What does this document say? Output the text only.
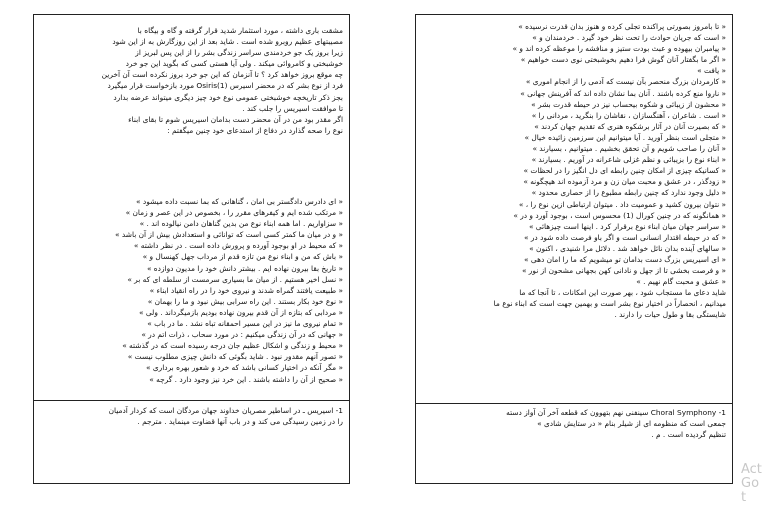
مشقت باری داشته ، مورد استثمار شدید قرار گرفته و گاه و بیگاه با
مصیبتهای عظیم روبرو شده است . شاید بعد از این روزگارش به از این شود
زیرا بروز یک جو خردمندی سراسر زندگی بشر را از این پس لبریز از
خوشبختی و کامروائی میکند . ولی آیا هستی کسی که بگوید این جو خرد
چه موقع بروز خواهد کرد ؟ تا آنزمان که این جو خرد بروز نکرده است آن آخرین
فرد از نوع بشر که در محضر اسیرس Osiris(1) مورد بازخواست قرار میگیرد
بجز ذکر تاریخچه خوشبختی عمومی نوع خود چیز دیگری میتواند عرضه بدارد
تا موافقت اسیریس را جلب کند .
اگر مقدر بود من در آن محضر دست بدامان اسیریس شوم تا بقای ابناء
نوع را صحه گذارد در دفاع از استدعای خود چنین میگفتم :
« ای دادرس دادگستر بی امان ، گناهانی که بما نسبت داده میشود »
« مرتکب شده ایم و کیفرهای مقرر را ، بخصوص در این عصر و زمان »
« سزاواریم . اما همه ابناء نوع من بدین گناهان دامن نیالوده اند . »
« و در میان ما کمتر کسی است که توانائی و استعدادش بیش از آن باشد »
« که محیط در او بوجود آورده و پرورش داده است . در نظر داشته »
« باش که من و ابناء نوع من تازه قدم از مرداب جهل کهنسال و »
« تاریخ بقا بیرون نهاده ایم . بیشتر دانش خود را مدیون دوازده »
« نسل اخیر هستیم . از میان ما بسیاری سرمست از سلطه ای که بر »
« طبیعت یافتند گمراه شدند و نیروی خود را در راه انقیاد ابناء »
« نوع خود بکار بستند . این راه سرابی بیش نبود و ما را بهمان »
« مردابی که بتازه از آن قدم بیرون نهاده بودیم بازمیگرداند . ولی »
« تمام نیروی ما نیز در این مسیر احمقانه تباه نشد . ما در باب »
« جهانی که در آن زندگی میکنیم : در مورد سحاب ، ذرات اتم در »
« محیط و زندگی و اشکال عظیم جان درجه رسیده است که در گذشته »
« تصور آنهم مقدور نبود . شاید بگوئی که دانش چیزی مطلوب نیست »
« مگر آنکه در اختیار کسانی باشد که خرد و شعور بهره برداری »
« صحیح از آن را داشته باشند . این خرد نیز وجود دارد . گرچه »
1- اسیریس ـ در اساطیر مصریان خداوند جهان مردگان است که کردار آدمیان
را در زمین رسیدگی می کند و در باب آنها قضاوت مینماید . مترجم .
« تا بامروز بصورتی پراکنده تجلی کرده و هنوز بدان قدرت نرسیده »
« است که جریان حوادث را تحت نظر خود گیرد . خردمندان و »
« پیامبران بیهوده و عبث بودت ستیز و منافشه را موعظه کرده اند و »
« اگر ما بگفتار آنان گوش فرا دهیم بخوشبختی نوی دست خواهیم »
« یافت »
« کارمردان بزرگ منحصر بآن نیست که آدمی را از انجام اموری »
« ناروا منع کرده باشند . آنان بما نشان داده اند که آفرینش جهانی »
« محشون از زیبائی و شکوه بیحساب نیز در حیطه قدرت بشر »
« است . شاعران ، آهنگسازان ، نقاشان را بنگرید ، مردانی را »
« که بصیرت آنان در آثار برشکوه هنری که تقدیم جهان کردند »
« متجلی است بنظر آورید . آیا میتوانیم این سرزمین زائیده خیال »
« آنان را صاحب شویم و آن تحقق بخشیم . میتوانیم ، بسیارند »
« ابناء نوع را بزیبائی و نظم غزلی شاعرانه در آوریم . بسیارند »
« کسانیکه چیزی از امکان چنین رابطه ای دل انگیز را در لحظات »
« زودگذر ، در عشق و محبت میان زن و مرد آزموده اند هیچگونه »
« دلیل وجود ندارد که چنین رابطه مطبوع را از حصاری محدود »
« نتوان بیرون کشید و عمومیت داد . میتوان ارتباطی ازین نوع را ، »
« همانگونه که در چنین کورال (1) محسوس است ، بوجود آورد و در »
« سراسر جهان میان ابناء نوع برقرار کرد . اینها است چیزهائی »
« که در حیطه اقتدار انسانی است و اگر باو فرصت داده شود در »
« سالهای آینده بدان نائل خواهد شد . دلائل مرا شنیدی ، اکنون »
« ای اسیریس بزرگ دست بدامان تو میشویم که ما را امان دهی »
« و فرصت بخشی تا از جهل و نادانی کهن بجهانی مشحون از نور »
« عشق و محبت گام نهیم . »
شاید دعای ما مستجاب شود ، بهر صورت این امکانات ، تا آنجا که ما
میدانیم ، انحصاراً در اختیار نوع بشر است و بهمین جهت است که ابناء نوع ما
شایستگی بقا و طول حیات را دارند .
1- Choral Symphony سینفنی نهم بتهوون که قطعه آخر آن آواز دسته
جمعی است که منظومه ای از شیلر بنام « در ستایش شادی »
تنظیم گردیده است . م .
Act
Go t
